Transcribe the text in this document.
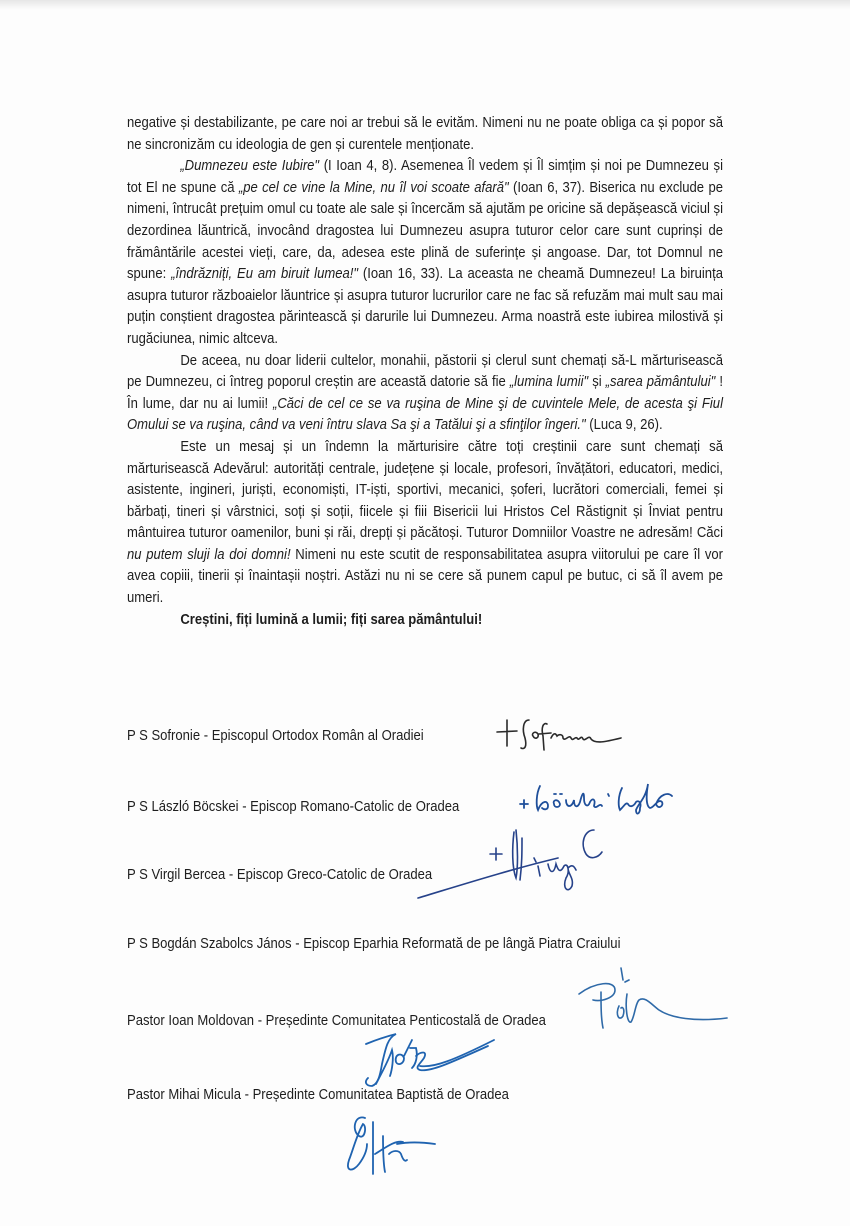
negative și destabilizante, pe care noi ar trebui să le evităm. Nimeni nu ne poate obliga ca și popor să ne sincronizăm cu ideologia de gen și curentele menționate.

„Dumnezeu este Iubire" (I Ioan 4, 8). Asemenea Îl vedem și Îl simțim și noi pe Dumnezeu și tot El ne spune că „pe cel ce vine la Mine, nu îl voi scoate afară" (Ioan 6, 37). Biserica nu exclude pe nimeni, întrucât prețuim omul cu toate ale sale și încercăm să ajutăm pe oricine să depășească viciul și dezordinea lăuntrică, invocând dragostea lui Dumnezeu asupra tuturor celor care sunt cuprinși de frământările acestei vieți, care, da, adesea este plină de suferințe și angoase. Dar, tot Domnul ne spune: „îndrăzniți, Eu am biruit lumea!" (Ioan 16, 33). La aceasta ne cheamă Dumnezeu! La biruința asupra tuturor războaielor lăuntrice și asupra tuturor lucrurilor care ne fac să refuzăm mai mult sau mai puțin conștient dragostea părintească și darurile lui Dumnezeu. Arma noastră este iubirea milostivă și rugăciunea, nimic altceva.

De aceea, nu doar liderii cultelor, monahii, păstorii și clerul sunt chemați să-L mărturisească pe Dumnezeu, ci întreg poporul creștin are această datorie să fie „lumina lumii" și „sarea pământului" ! În lume, dar nu ai lumii! „Căci de cel ce se va ruşina de Mine şi de cuvintele Mele, de acesta şi Fiul Omului se va ruşina, când va veni întru slava Sa şi a Tatălui şi a sfinţilor îngeri." (Luca 9, 26).

Este un mesaj și un îndemn la mărturisire către toți creștinii care sunt chemați să mărturisească Adevărul: autorități centrale, județene și locale, profesori, învățători, educatori, medici, asistente, ingineri, juriști, economiști, IT-iști, sportivi, mecanici, șoferi, lucrători comerciali, femei și bărbați, tineri și vârstnici, soți și soții, fiicele și fiii Bisericii lui Hristos Cel Răstignit și Înviat pentru mântuirea tuturor oamenilor, buni și răi, drepți și păcătoși. Tuturor Domniilor Voastre ne adresăm! Căci nu putem sluji la doi domni! Nimeni nu este scutit de responsabilitatea asupra viitorului pe care îl vor avea copiii, tinerii și înaintașii noștri. Astăzi nu ni se cere să punem capul pe butuc, ci să îl avem pe umeri.

Creștini, fiți lumină a lumii; fiți sarea pământului!

P S Sofronie - Episcopul Ortodox Român al Oradiei
P S László Böcskei - Episcop Romano-Catolic de Oradea
P S Virgil Bercea - Episcop Greco-Catolic de Oradea
P S Bogdán Szabolcs János - Episcop Eparhia Reformată de pe lângă Piatra Craiului
Pastor Ioan Moldovan - Președinte Comunitatea Penticostală de Oradea
Pastor Mihai Micula - Președinte Comunitatea Baptistă de Oradea
